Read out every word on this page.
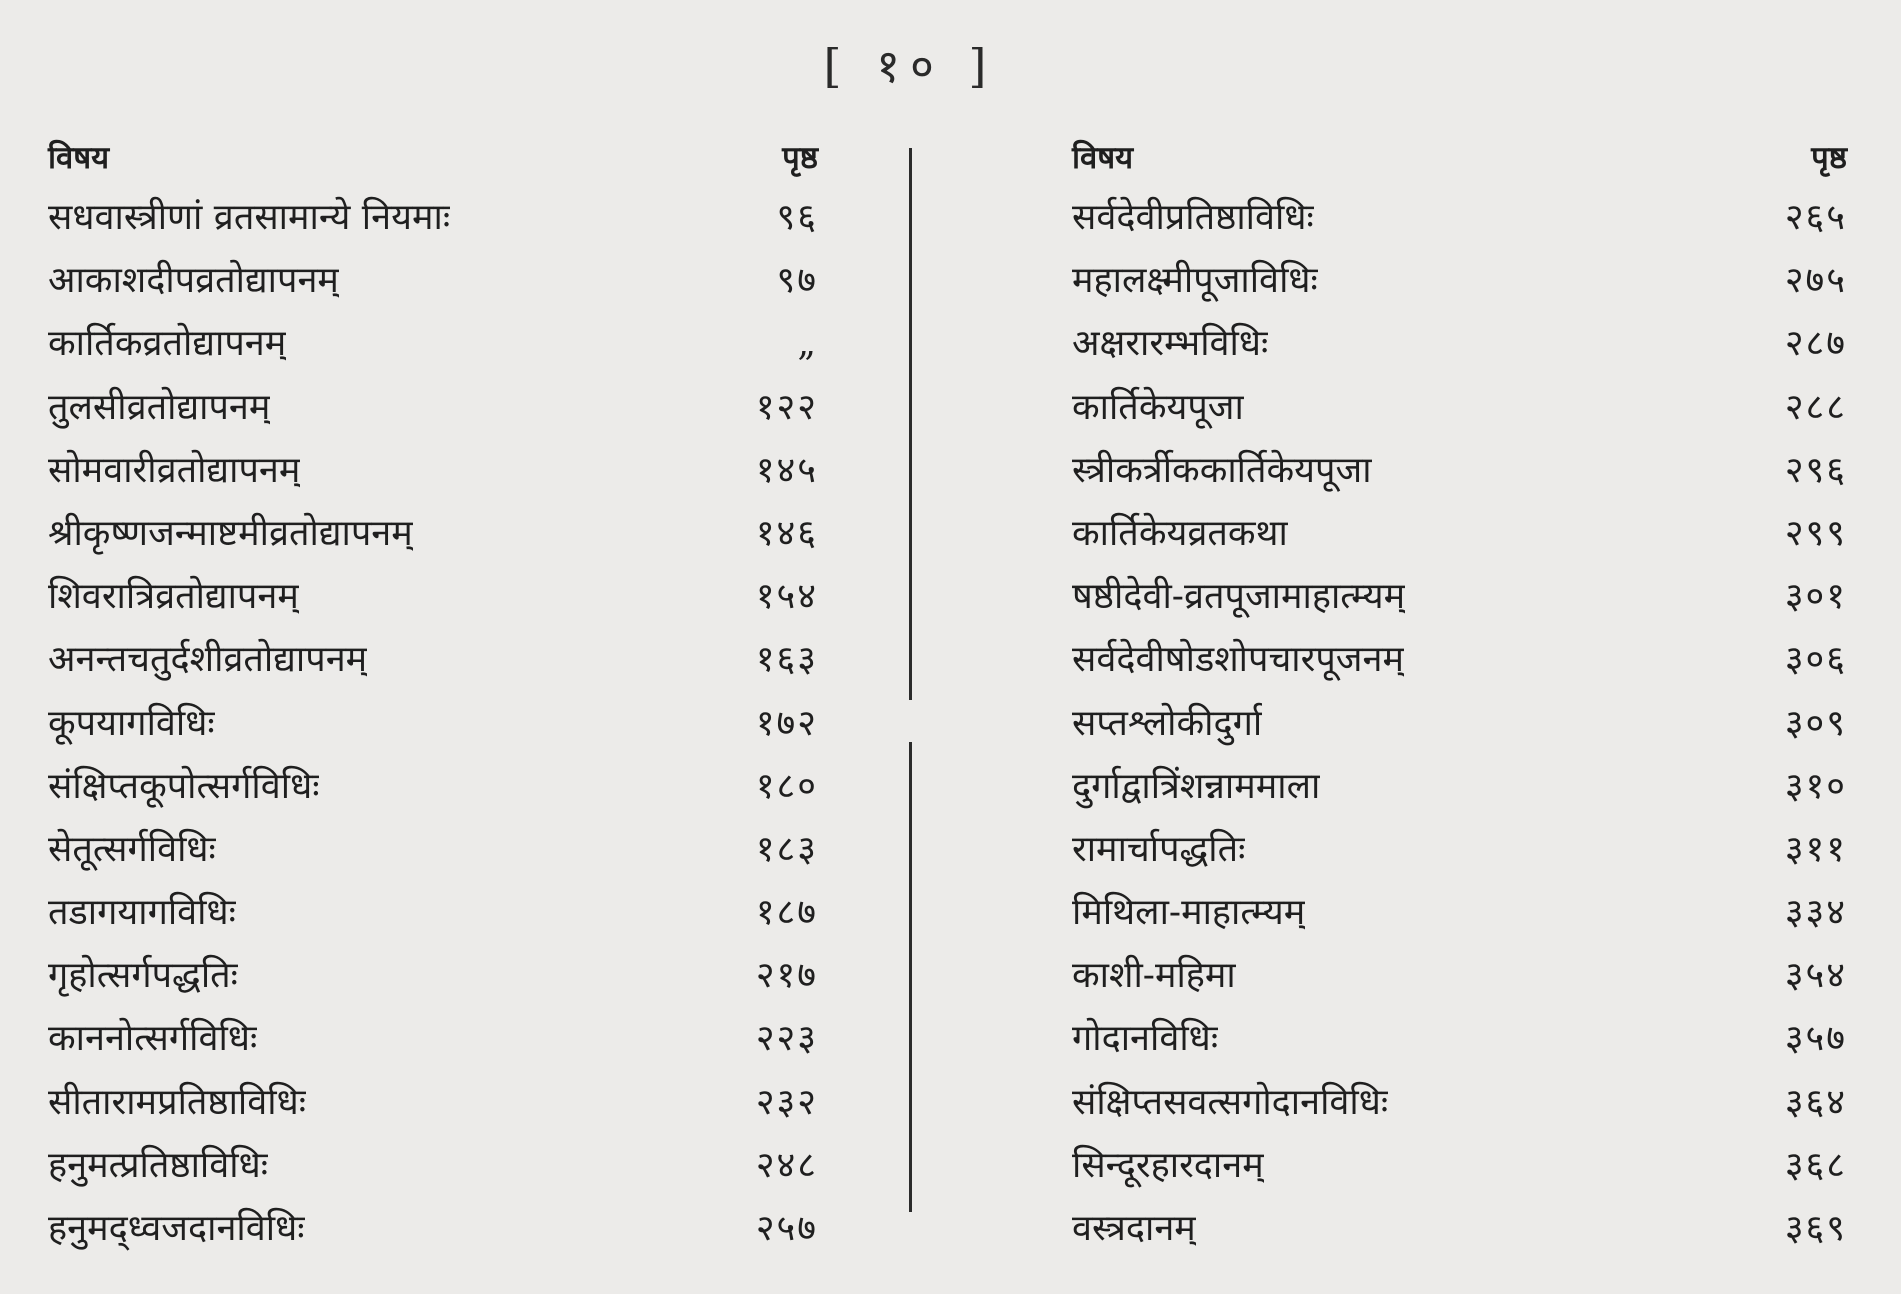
[ १० ]
विषय	पृष्ठ
सधवास्त्रीणां व्रतसामान्ये नियमाः	९६
आकाशदीपव्रतोद्यापनम्	९७
कार्तिकव्रतोद्यापनम्	„
तुलसीव्रतोद्यापनम्	१२२
सोमवारीव्रतोद्यापनम्	१४५
श्रीकृष्णजन्माष्टमीव्रतोद्यापनम्	१४६
शिवरात्रिव्रतोद्यापनम्	१५४
अनन्तचतुर्दशीव्रतोद्यापनम्	१६३
कूपयागविधिः	१७२
संक्षिप्तकूपोत्सर्गविधिः	१८०
सेतूत्सर्गविधिः	१८३
तडागयागविधिः	१८७
गृहोत्सर्गपद्धतिः	२१७
काननोत्सर्गविधिः	२२३
सीतारामप्रतिष्ठाविधिः	२३२
हनुमत्प्रतिष्ठाविधिः	२४८
हनुमद्ध्वजदानविधिः	२५७
विषय	पृष्ठ
सर्वदेवीप्रतिष्ठाविधिः	२६५
महालक्ष्मीपूजाविधिः	२७५
अक्षरारम्भविधिः	२८७
कार्तिकेयपूजा	२८८
स्त्रीकर्त्रीककार्तिकेयपूजा	२९६
कार्तिकेयव्रतकथा	२९९
षष्ठीदेवी-व्रतपूजामाहात्म्यम्	३०१
सर्वदेवीषोडशोपचारपूजनम्	३०६
सप्तश्लोकीदुर्गा	३०९
दुर्गाद्वात्रिंशन्नाममाला	३१०
रामार्चापद्धतिः	३११
मिथिला-माहात्म्यम्	३३४
काशी-महिमा	३५४
गोदानविधिः	३५७
संक्षिप्तसवत्सगोदानविधिः	३६४
सिन्दूरहारदानम्	३६८
वस्त्रदानम्	३६९
